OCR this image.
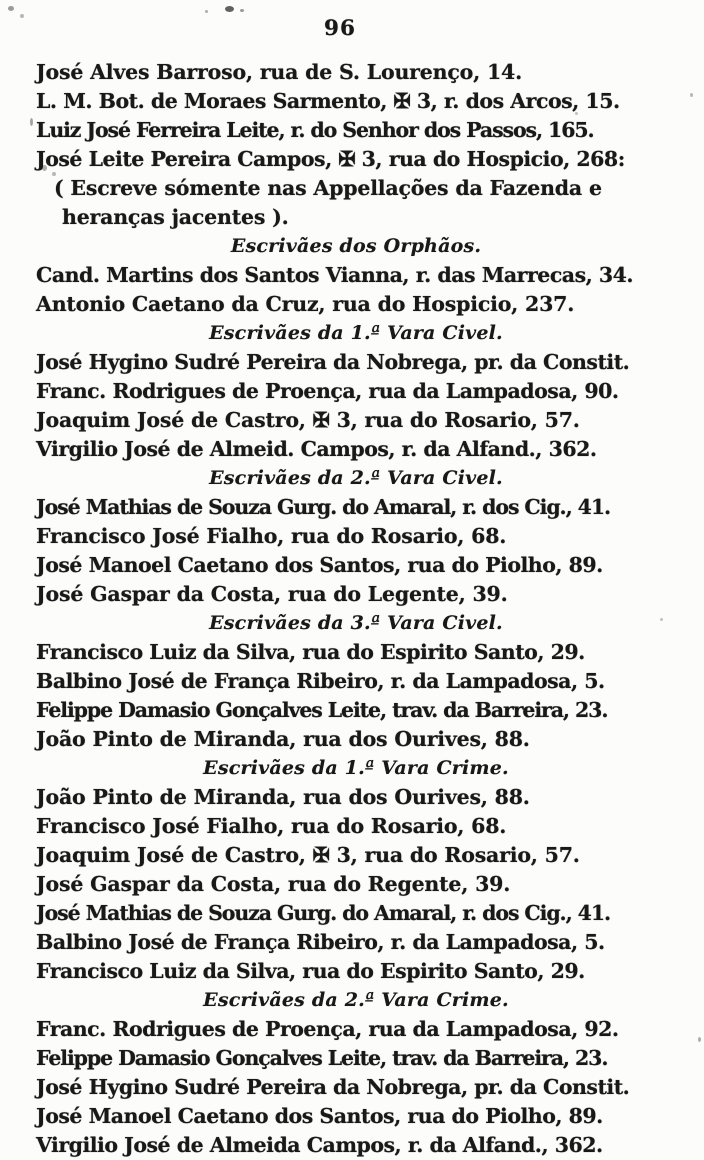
96
José Alves Barroso, rua de S. Lourenço, 14.
L. M. Bot. de Moraes Sarmento, ✠ 3, r. dos Arcos, 15.
Luiz José Ferreira Leite, r. do Senhor dos Passos, 165.
José Leite Pereira Campos, ✠ 3, rua do Hospicio, 268:
( Escreve sómente nas Appellações da Fazenda e
heranças jacentes ).
Escrivães dos Orphãos.
Cand. Martins dos Santos Vianna, r. das Marrecas, 34.
Antonio Caetano da Cruz, rua do Hospicio, 237.
Escrivães da 1.ª Vara Civel.
José Hygino Sudré Pereira da Nobrega, pr. da Constit.
Franc. Rodrigues de Proença, rua da Lampadosa, 90.
Joaquim José de Castro, ✠ 3, rua do Rosario, 57.
Virgilio José de Almeid. Campos, r. da Alfand., 362.
Escrivães da 2.ª Vara Civel.
José Mathias de Souza Gurg. do Amaral, r. dos Cig., 41.
Francisco José Fialho, rua do Rosario, 68.
José Manoel Caetano dos Santos, rua do Piolho, 89.
José Gaspar da Costa, rua do Legente, 39.
Escrivães da 3.ª Vara Civel.
Francisco Luiz da Silva, rua do Espirito Santo, 29.
Balbino José de França Ribeiro, r. da Lampadosa, 5.
Felippe Damasio Gonçalves Leite, trav. da Barreira, 23.
João Pinto de Miranda, rua dos Ourives, 88.
Escrivães da 1.ª Vara Crime.
João Pinto de Miranda, rua dos Ourives, 88.
Francisco José Fialho, rua do Rosario, 68.
Joaquim José de Castro, ✠ 3, rua do Rosario, 57.
José Gaspar da Costa, rua do Regente, 39.
José Mathias de Souza Gurg. do Amaral, r. dos Cig., 41.
Balbino José de França Ribeiro, r. da Lampadosa, 5.
Francisco Luiz da Silva, rua do Espirito Santo, 29.
Escrivães da 2.ª Vara Crime.
Franc. Rodrigues de Proença, rua da Lampadosa, 92.
Felippe Damasio Gonçalves Leite, trav. da Barreira, 23.
José Hygino Sudré Pereira da Nobrega, pr. da Constit.
José Manoel Caetano dos Santos, rua do Piolho, 89.
Virgilio José de Almeida Campos, r. da Alfand., 362.
